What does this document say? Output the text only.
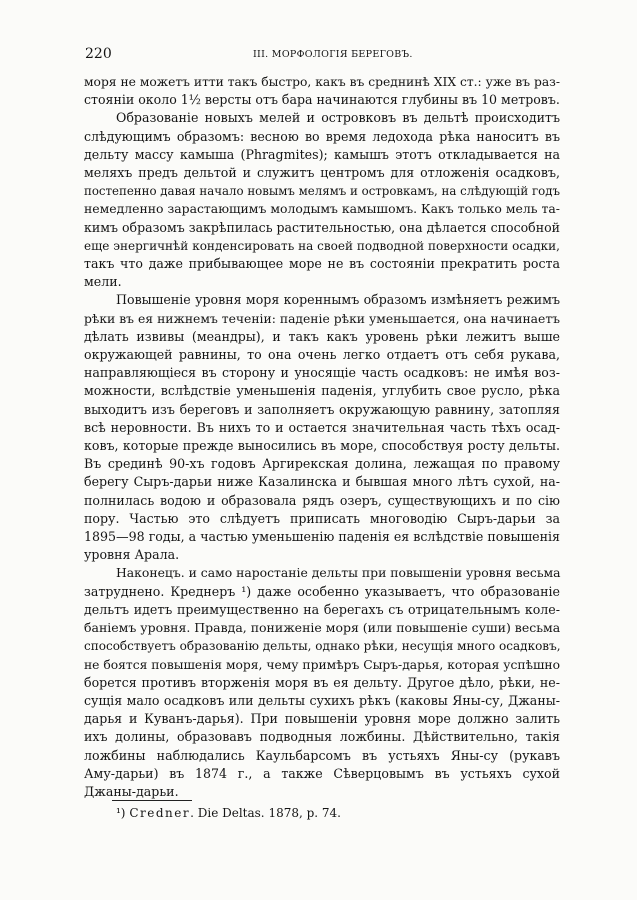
220	III. МОРФОЛОГІЯ БЕРЕГОВЪ.

моря не можетъ итти такъ быстро, какъ въ среднинѣ XIX ст.: уже въ раз-
стояніи около 1½ версты отъ бара начинаются глубины въ 10 метровъ.

Образованіе новыхъ мелей и островковъ въ дельтѣ происходитъ
слѣдующимъ образомъ: весною во время ледохода рѣка наноситъ въ
дельту массу камыша (Phragmites); камышъ этотъ откладывается на
меляхъ предъ дельтой и служитъ центромъ для отложенія осадковъ,
постепенно давая начало новымъ мелямъ и островкамъ, на слѣдующій годъ
немедленно зарастающимъ молодымъ камышомъ. Какъ только мель та-
кимъ образомъ закрѣпилась растительностью, она дѣлается способной
еще энергичнѣй конденсировать на своей подводной поверхности осадки,
такъ что даже прибывающее море не въ состояніи прекратить роста
мели.

Повышеніе уровня моря кореннымъ образомъ измѣняетъ режимъ
рѣки въ ея нижнемъ теченіи: паденіе рѣки уменьшается, она начинаетъ
дѣлать извивы (меандры), и такъ какъ уровень рѣки лежитъ выше
окружающей равнины, то она очень легко отдаетъ отъ себя рукава,
направляющіеся въ сторону и уносящіе часть осадковъ: не имѣя воз-
можности, вслѣдствіе уменьшенія паденія, углубить свое русло, рѣка
выходитъ изъ береговъ и заполняетъ окружающую равнину, затопляя
всѣ неровности. Въ нихъ то и остается значительная часть тѣхъ осад-
ковъ, которые прежде выносились въ море, способствуя росту дельты.
Въ срединѣ 90-хъ годовъ Аргирекская долина, лежащая по правому
берегу Сыръ-дарьи ниже Казалинска и бывшая много лѣтъ сухой, на-
полнилась водою и образовала рядъ озеръ, существующихъ и по сію
пору. Частью это слѣдуетъ приписать многоводію Сыръ-дарьи за
1895—98 годы, а частью уменьшенію паденія ея вслѣдствіе повышенія
уровня Арала.

Наконецъ. и само наростаніе дельты при повышеніи уровня весьма
затруднено. Креднеръ ¹) даже особенно указываетъ, что образованіе
дельтъ идетъ преимущественно на берегахъ съ отрицательнымъ коле-
баніемъ уровня. Правда, пониженіе моря (или повышеніе суши) весьма
способствуетъ образованію дельты, однако рѣки, несущія много осадковъ,
не боятся повышенія моря, чему примѣръ Сыръ-дарья, которая успѣшно
борется противъ вторженія моря въ ея дельту. Другое дѣло, рѣки, не-
сущія мало осадковъ или дельты сухихъ рѣкъ (каковы Яны-су, Джаны-
дарья и Куванъ-дарья). При повышеніи уровня море должно залить
ихъ долины, образовавъ подводныя ложбины. Дѣйствительно, такія
ложбины наблюдались Каульбарсомъ въ устьяхъ Яны-су (рукавъ
Аму-дарьи) въ 1874 г., а также Сѣверцовымъ въ устьяхъ сухой
Джаны-дарьи.

¹) Credner. Die Deltas. 1878, p. 74.
